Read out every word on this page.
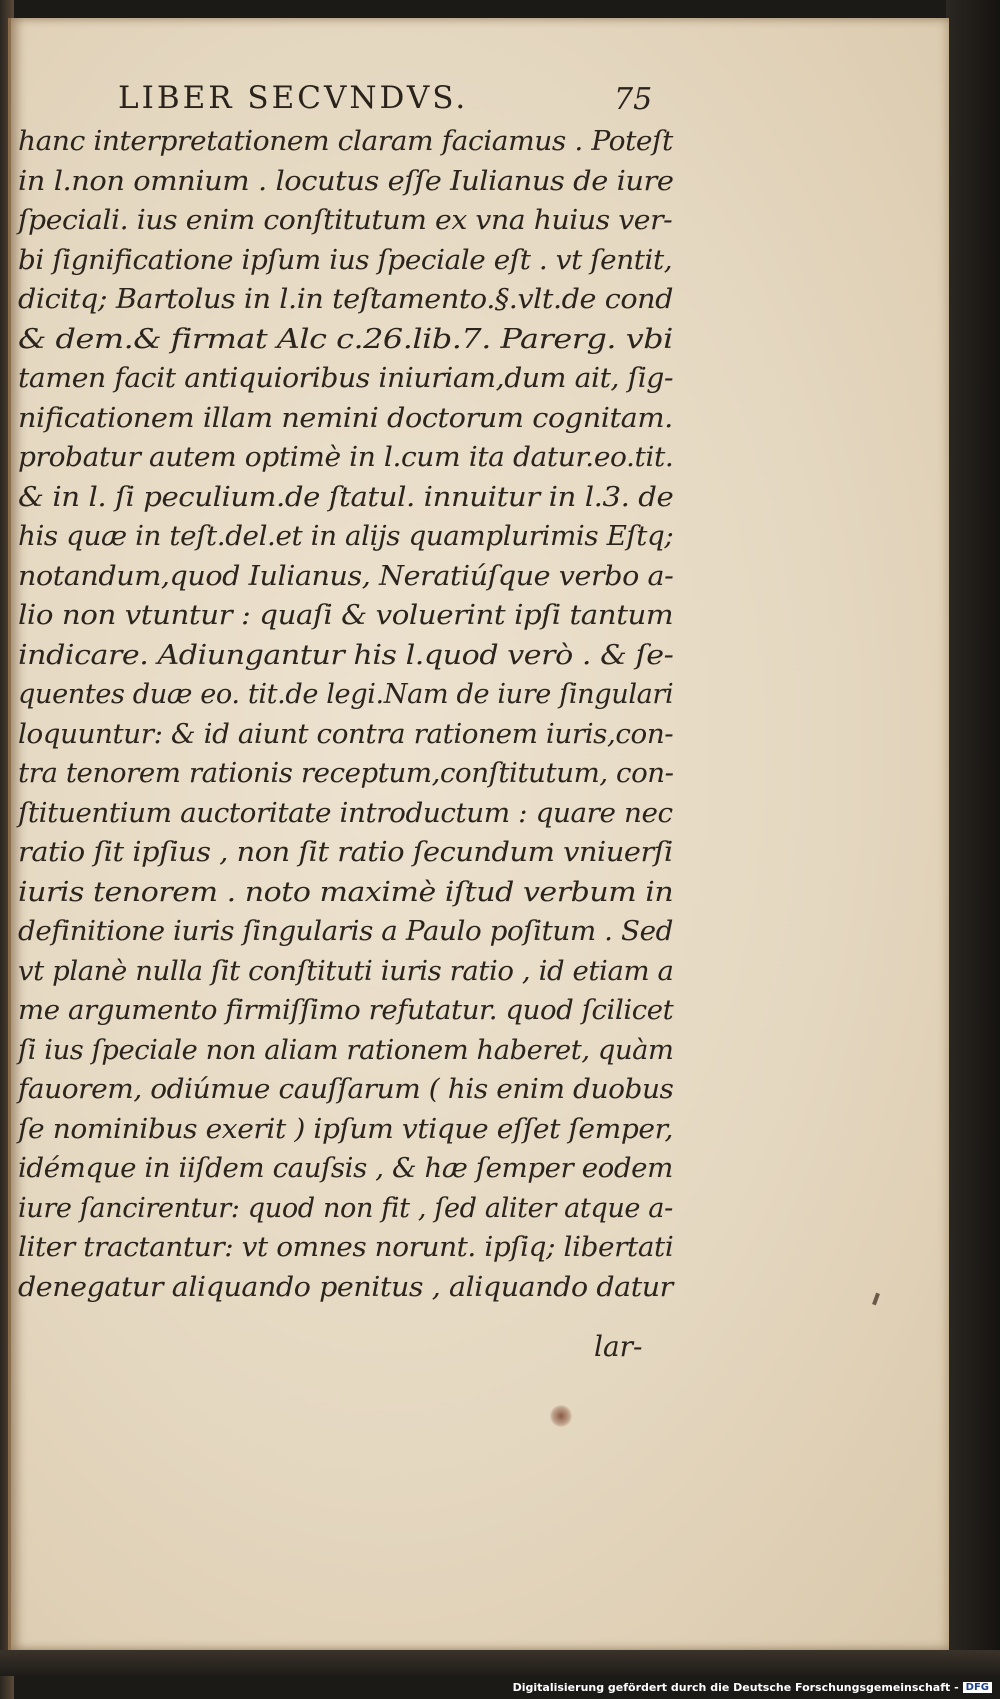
LIBER SECVNDVS.	75
hanc interpretationem claram faciamus . Poteſt
in l.non omnium . locutus eſſe Iulianus de iure
ſpeciali. ius enim conſtitutum ex vna huius ver-
bi ſignificatione ipſum ius ſpeciale eſt . vt ſentit,
dicitq; Bartolus in l.in teſtamento.§.vlt.de cond
& dem.& firmat Alc c.26.lib.7. Parerg. vbi
tamen facit antiquioribus iniuriam,dum ait, ſig-
nificationem illam nemini doctorum cognitam.
probatur autem optimè in l.cum ita datur.eo.tit.
& in l. ſi peculium.de ſtatul. innuitur in l.3. de
his quæ in teſt.del.et in alijs quamplurimis Eſtq;
notandum,quod Iulianus, Neratiúſque verbo a-
lio non vtuntur : quaſi & voluerint ipſi tantum
indicare. Adiungantur his l.quod verò . & ſe-
quentes duæ eo. tit.de legi.Nam de iure ſingulari
loquuntur: & id aiunt contra rationem iuris,con-
tra tenorem rationis receptum,conſtitutum, con-
ſtituentium auctoritate introductum : quare nec
ratio ſit ipſius , non ſit ratio ſecundum vniuerſi
iuris tenorem . noto maximè iſtud verbum in
definitione iuris ſingularis a Paulo poſitum . Sed
vt planè nulla ſit conſtituti iuris ratio , id etiam a
me argumento firmiſſimo refutatur. quod ſcilicet
ſi ius ſpeciale non aliam rationem haberet, quàm
fauorem, odiúmue cauſſarum ( his enim duobus
ſe nominibus exerit ) ipſum vtique eſſet ſemper,
idémque in iiſdem cauſsis , & hæ ſemper eodem
iure ſancirentur: quod non fit , ſed aliter atque a-
liter tractantur: vt omnes norunt. ipſiq; libertati
denegatur aliquando penitus , aliquando datur
lar-
Digitalisierung gefördert durch die Deutsche Forschungsgemeinschaft - DFG
